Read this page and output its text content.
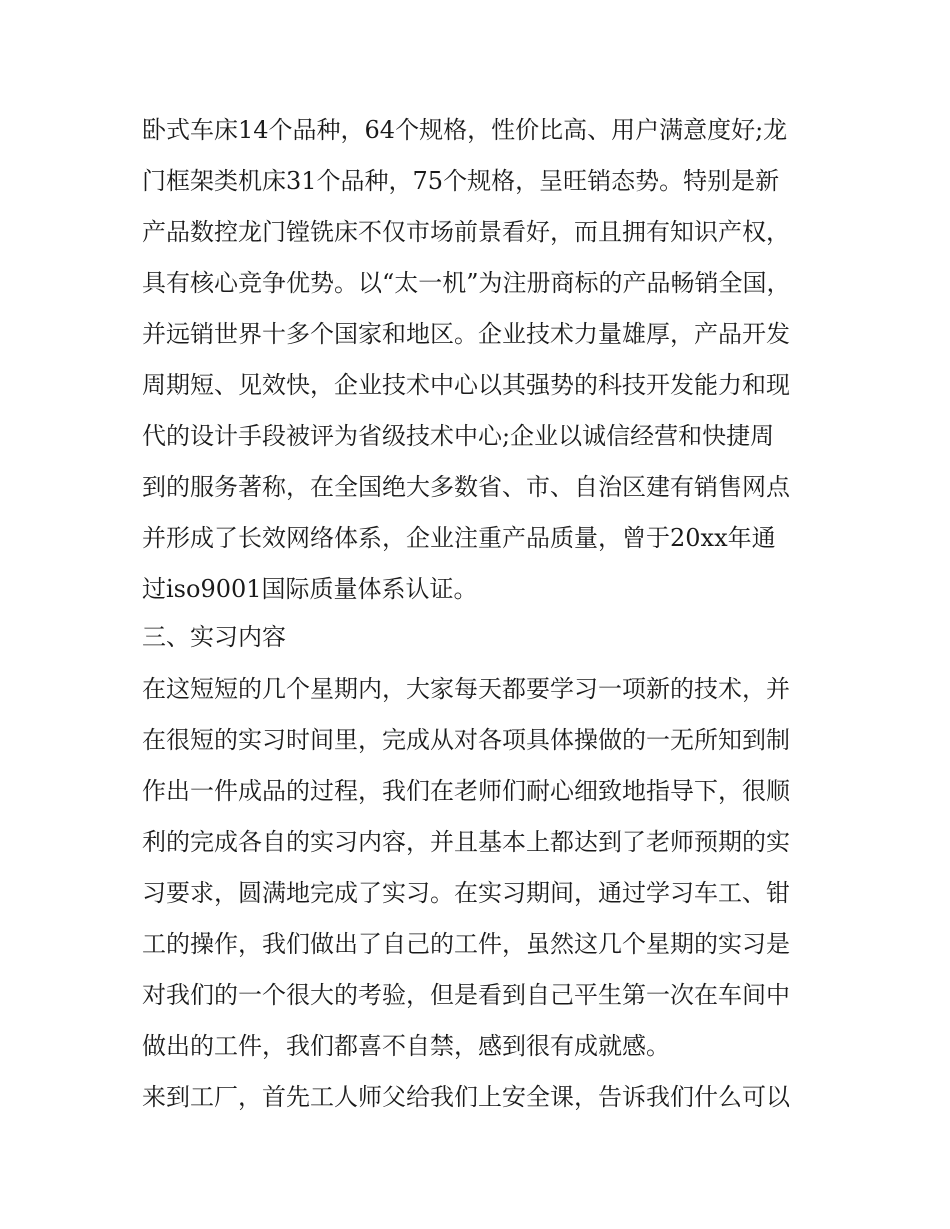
卧式车床14个品种，64个规格，性价比高、用户满意度好;龙

门框架类机床31个品种，75个规格，呈旺销态势。特别是新

产品数控龙门镗铣床不仅市场前景看好，而且拥有知识产权，

具有核心竞争优势。以“太一机”为注册商标的产品畅销全国，

并远销世界十多个国家和地区。企业技术力量雄厚，产品开发

周期短、见效快，企业技术中心以其强势的科技开发能力和现

代的设计手段被评为省级技术中心;企业以诚信经营和快捷周

到的服务著称，在全国绝大多数省、市、自治区建有销售网点

并形成了长效网络体系，企业注重产品质量，曾于20xx年通

过iso9001国际质量体系认证。

三、实习内容

在这短短的几个星期内，大家每天都要学习一项新的技术，并

在很短的实习时间里，完成从对各项具体操做的一无所知到制

作出一件成品的过程，我们在老师们耐心细致地指导下，很顺

利的完成各自的实习内容，并且基本上都达到了老师预期的实

习要求，圆满地完成了实习。在实习期间，通过学习车工、钳

工的操作，我们做出了自己的工件，虽然这几个星期的实习是

对我们的一个很大的考验，但是看到自己平生第一次在车间中

做出的工件，我们都喜不自禁，感到很有成就感。

来到工厂，首先工人师父给我们上安全课，告诉我们什么可以
